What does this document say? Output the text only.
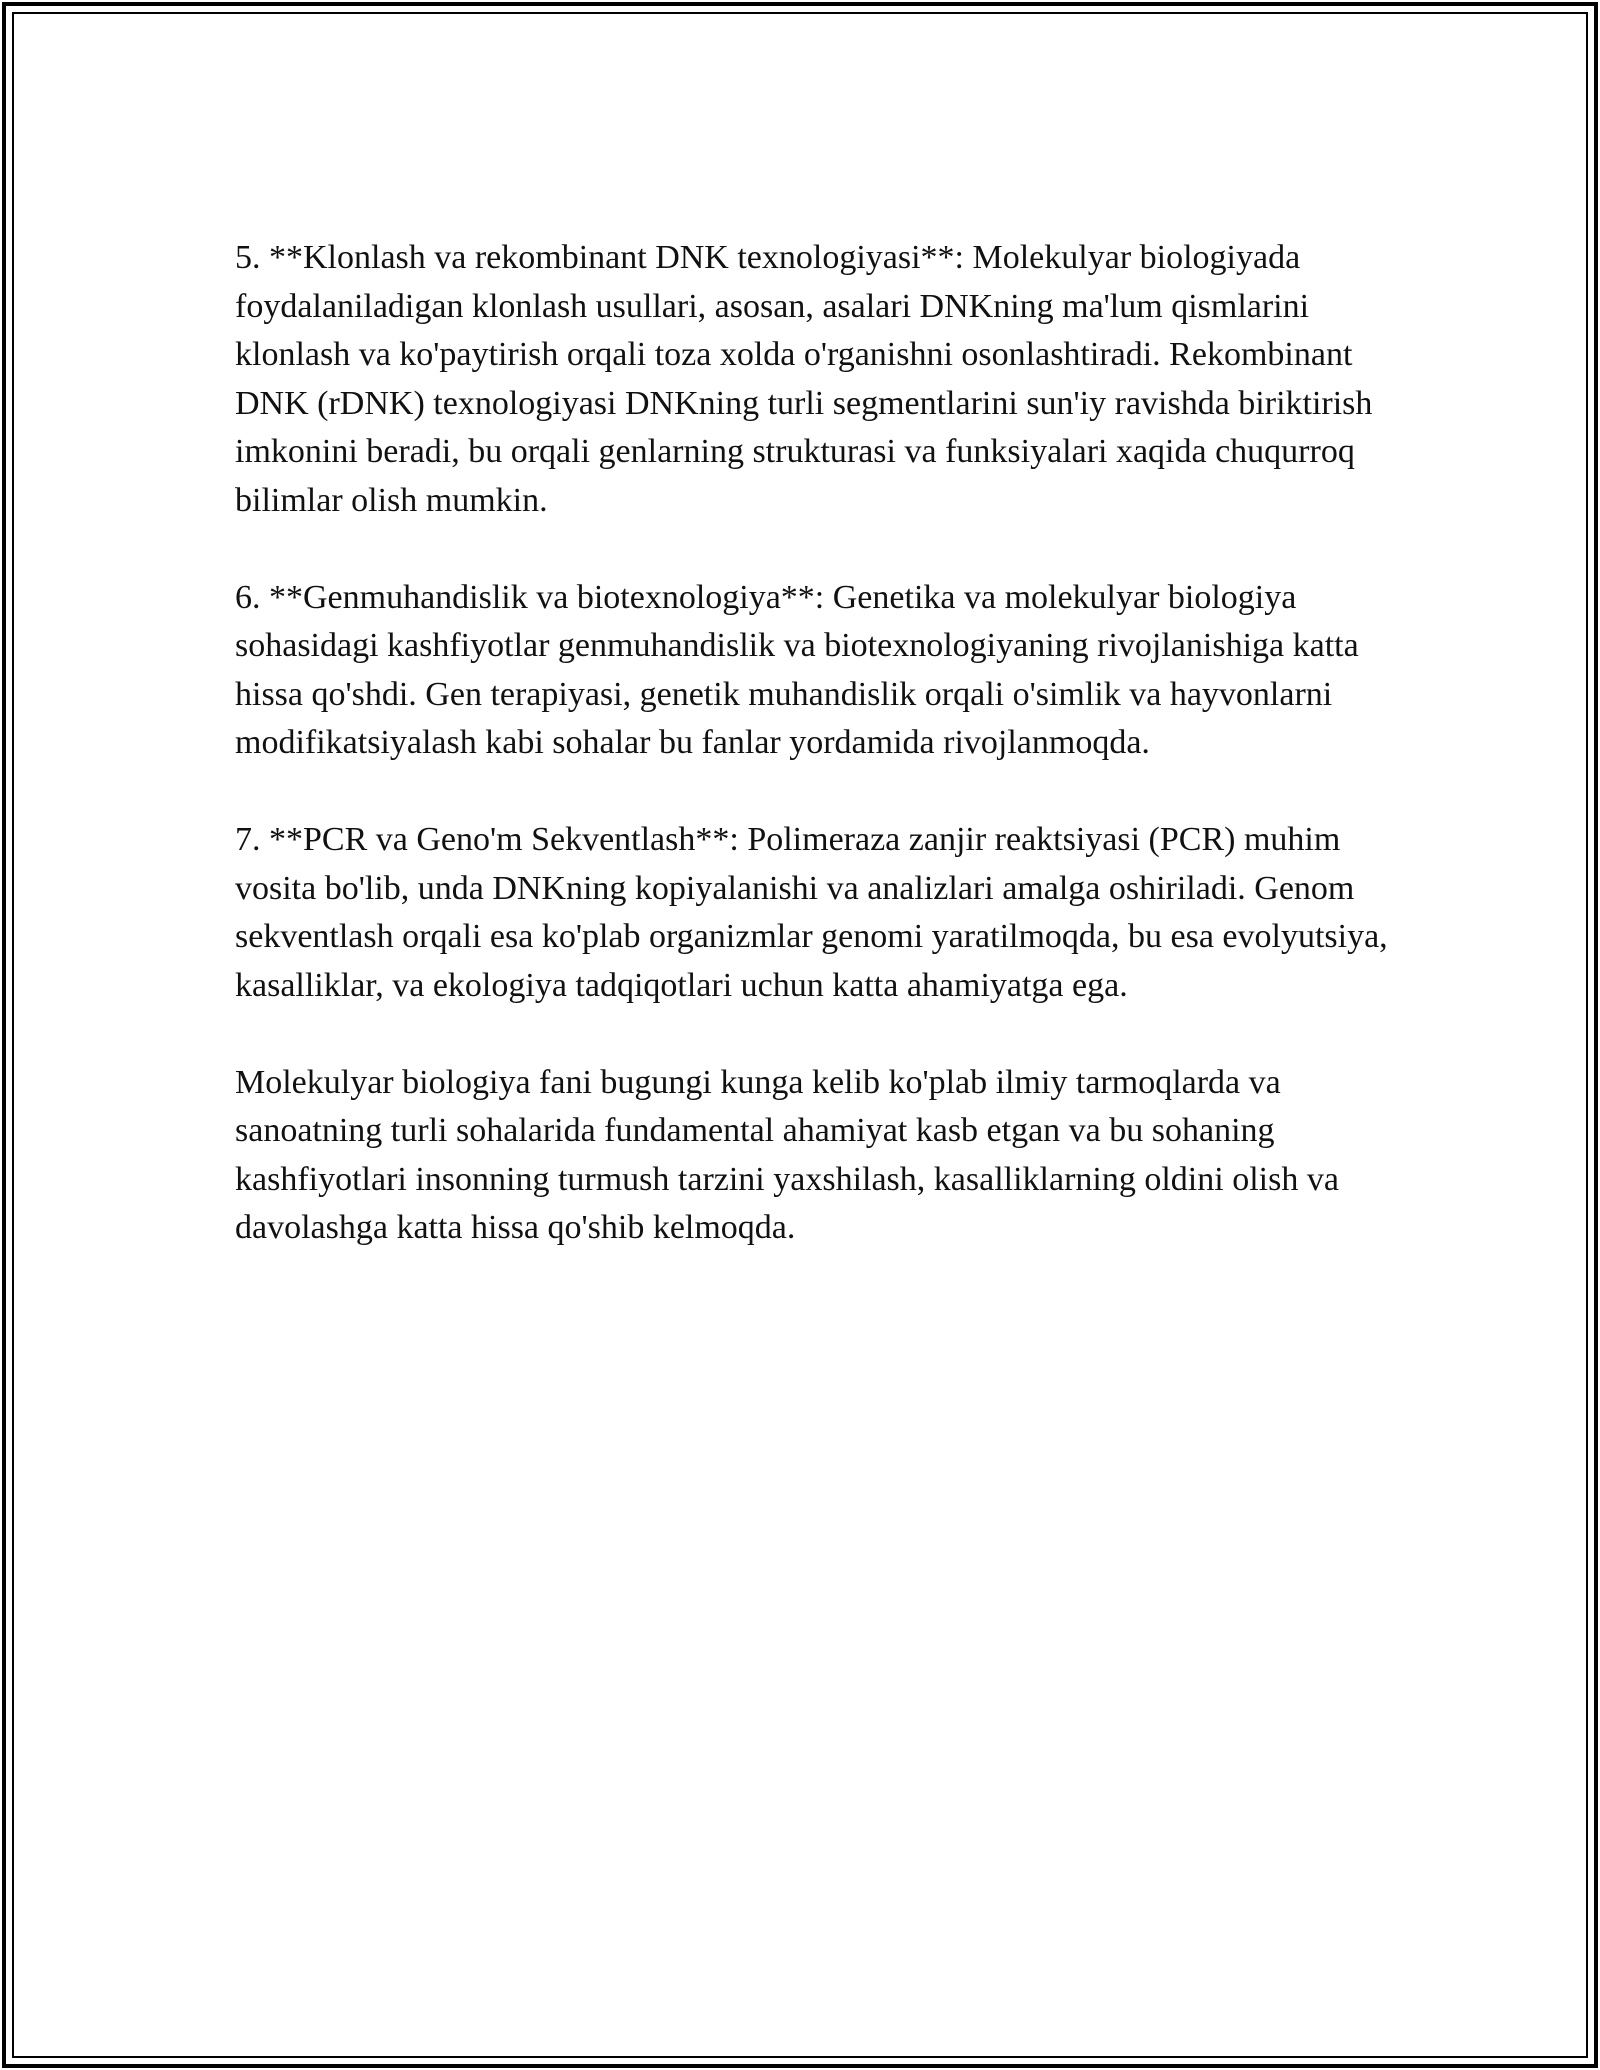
5. **Klonlash va rekombinant DNK texnologiyasi**: Molekulyar biologiyada foydalaniladigan klonlash usullari, asosan, asalari DNKning ma'lum qismlarini klonlash va ko'paytirish orqali toza xolda o'rganishni osonlashtiradi. Rekombinant DNK (rDNK) texnologiyasi DNKning turli segmentlarini sun'iy ravishda biriktirish imkonini beradi, bu orqali genlarning strukturasi va funksiyalari xaqida chuqurroq bilimlar olish mumkin.

6. **Genmuhandislik va biotexnologiya**: Genetika va molekulyar biologiya sohasidagi kashfiyotlar genmuhandislik va biotexnologiyaning rivojlanishiga katta hissa qo'shdi. Gen terapiyasi, genetik muhandislik orqali o'simlik va hayvonlarni modifikatsiyalash kabi sohalar bu fanlar yordamida rivojlanmoqda.

7. **PCR va Geno'm Sekventlash**: Polimeraza zanjir reaktsiyasi (PCR) muhim vosita bo'lib, unda DNKning kopiyalanishi va analizlari amalga oshiriladi. Genom sekventlash orqali esa ko'plab organizmlar genomi yaratilmoqda, bu esa evolyutsiya, kasalliklar, va ekologiya tadqiqotlari uchun katta ahamiyatga ega.

Molekulyar biologiya fani bugungi kunga kelib ko'plab ilmiy tarmoqlarda va sanoatning turli sohalarida fundamental ahamiyat kasb etgan va bu sohaning kashfiyotlari insonning turmush tarzini yaxshilash, kasalliklarning oldini olish va davolashga katta hissa qo'shib kelmoqda.
